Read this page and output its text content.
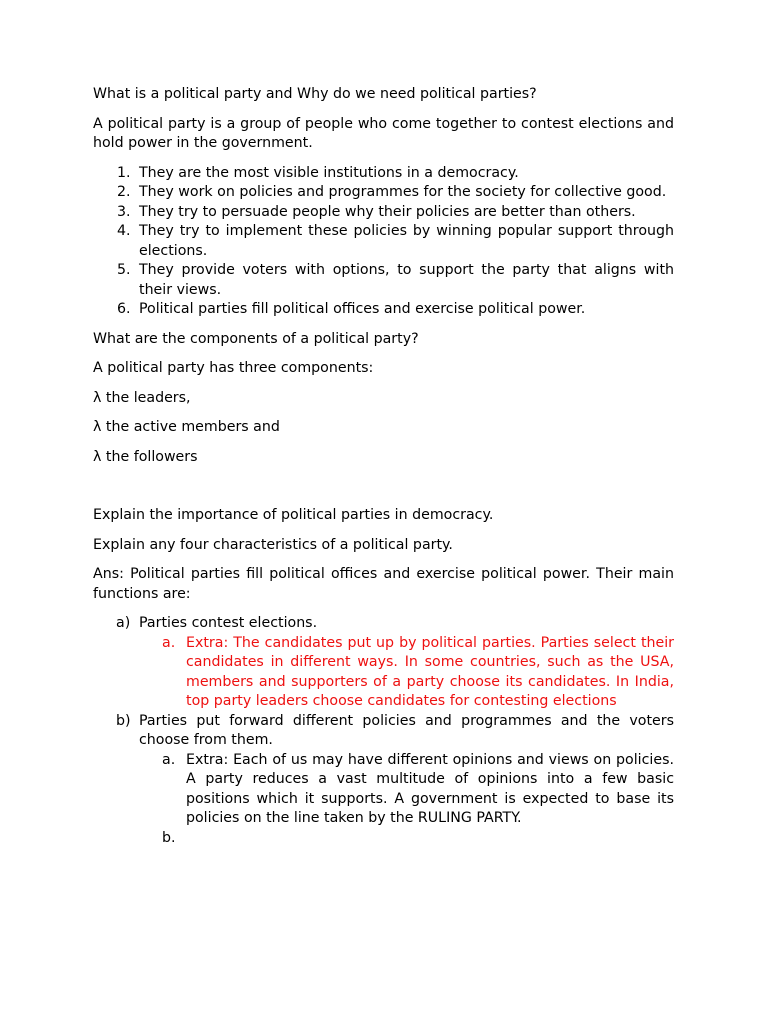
What is a political party and Why do we need political parties?

A political party is a group of people who come together to contest elections and hold power in the government.

1. They are the most visible institutions in a democracy.
2. They work on policies and programmes for the society for collective good.
3. They try to persuade people why their policies are better than others.
4. They try to implement these policies by winning popular support through elections.
5. They provide voters with options, to support the party that aligns with their views.
6. Political parties fill political offices and exercise political power.

What are the components of a political party?

A political party has three components:

λ the leaders,
λ the active members and
λ the followers

Explain the importance of political parties in democracy.

Explain any four characteristics of a political party.

Ans: Political parties fill political offices and exercise political power. Their main functions are:

a) Parties contest elections.
a. Extra: The candidates put up by political parties. Parties select their candidates in different ways. In some countries, such as the USA, members and supporters of a party choose its candidates. In India, top party leaders choose candidates for contesting elections
b) Parties put forward different policies and programmes and the voters choose from them.
a. Extra: Each of us may have different opinions and views on policies. A party reduces a vast multitude of opinions into a few basic positions which it supports. A government is expected to base its policies on the line taken by the RULING PARTY.
b.
